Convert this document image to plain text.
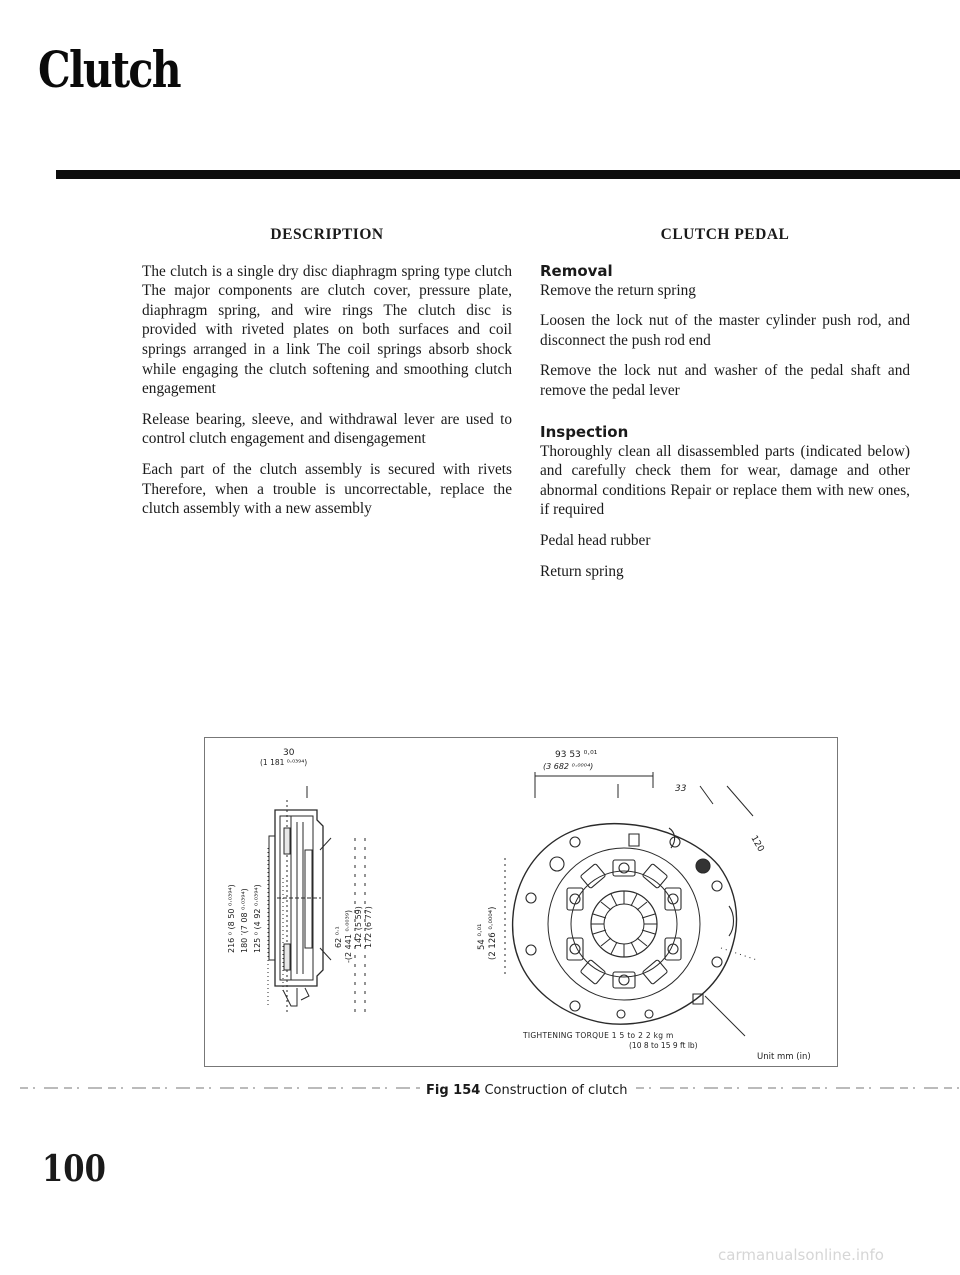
Clutch
DESCRIPTION

The clutch is a single dry disc diaphragm spring type clutch The major components are clutch cover, pressure plate, diaphragm spring, and wire rings The clutch disc is provided with riveted plates on both surfaces and coil springs arranged in a link The coil springs absorb shock while engaging the clutch softening and smoothing clutch engagement

Release bearing, sleeve, and withdrawal lever are used to control clutch engagement and disengagement

Each part of the clutch assembly is secured with rivets Therefore, when a trouble is uncorrectable, replace the clutch assembly with a new assembly

CLUTCH PEDAL
Removal

Remove the return spring

Loosen the lock nut of the master cylinder push rod, and disconnect the push rod end

Remove the lock nut and washer of the pedal shaft and remove the pedal lever

Inspection

Thoroughly clean all disassembled parts (indicated below) and carefully check them for wear, damage and other abnormal conditions Repair or replace them with new ones, if required

Pedal head rubber

Return spring

30
(1 181 ⁰·⁰³⁹⁴)
216 ⁰ (8 50 ⁰·⁰³⁹⁴) 180 ′(7 08 ⁰·⁰³⁹⁴) 125 ⁰ (4 92 ⁰·⁰³⁹⁴)	62 ⁰·¹ -(2 441 ⁰·⁰⁰³⁹) 142 (5 59) 172 (6 77)
93 53 ⁰·⁰¹
(3 682 ⁰·⁰⁰⁰⁴)
33
120
54 ⁰·⁰¹ (2 126 ⁰·⁰⁰⁰⁴)
TIGHTENING TORQUE 1 5 to 2 2 kg m
(10 8 to 15 9 ft lb)
Unit mm (in)
Fig 154 Construction of clutch
100
carmanualsonline.info
